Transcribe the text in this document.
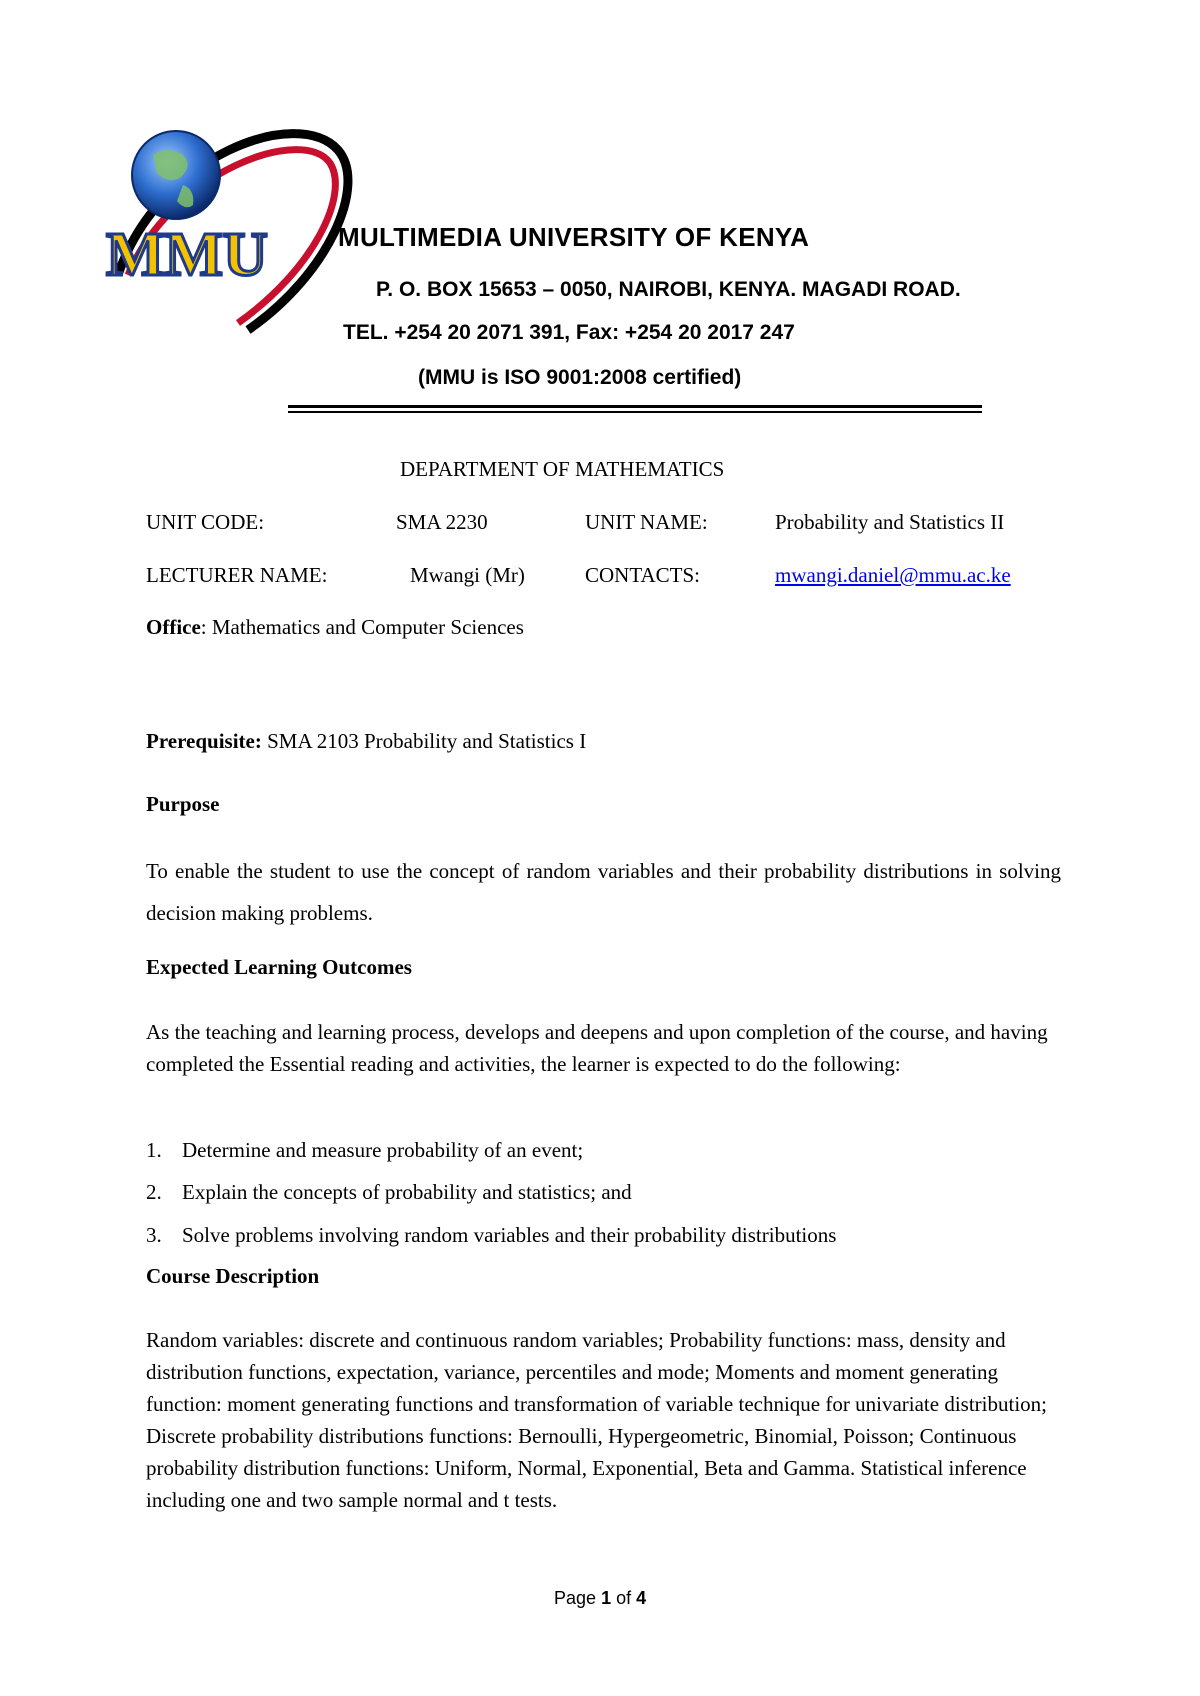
MMU	MULTIMEDIA UNIVERSITY OF KENYA
P. O. BOX 15653 – 0050, NAIROBI, KENYA. MAGADI ROAD.
TEL. +254 20 2071 391, Fax: +254 20 2017 247
(MMU is ISO 9001:2008 certified)
DEPARTMENT OF MATHEMATICS
UNIT CODE:	SMA 2230	UNIT NAME:	Probability and Statistics II
LECTURER NAME:	Mwangi (Mr)	CONTACTS:	mwangi.daniel@mmu.ac.ke
Office: Mathematics and Computer Sciences
Prerequisite: SMA 2103 Probability and Statistics I
Purpose
To enable the student to use the concept of random variables and their probability distributions in solving decision making problems.
Expected Learning Outcomes
As the teaching and learning process, develops and deepens and upon completion of the course, and having completed the Essential reading and activities, the learner is expected to do the following:
1. Determine and measure probability of an event;
2. Explain the concepts of probability and statistics; and
3. Solve problems involving random variables and their probability distributions
Course Description
Random variables: discrete and continuous random variables; Probability functions: mass, density and distribution functions, expectation, variance, percentiles and mode; Moments and moment generating function: moment generating functions and transformation of variable technique for univariate distribution; Discrete probability distributions functions: Bernoulli, Hypergeometric, Binomial, Poisson; Continuous probability distribution functions: Uniform, Normal, Exponential, Beta and Gamma. Statistical inference including one and two sample normal and t tests.
Page 1 of 4
